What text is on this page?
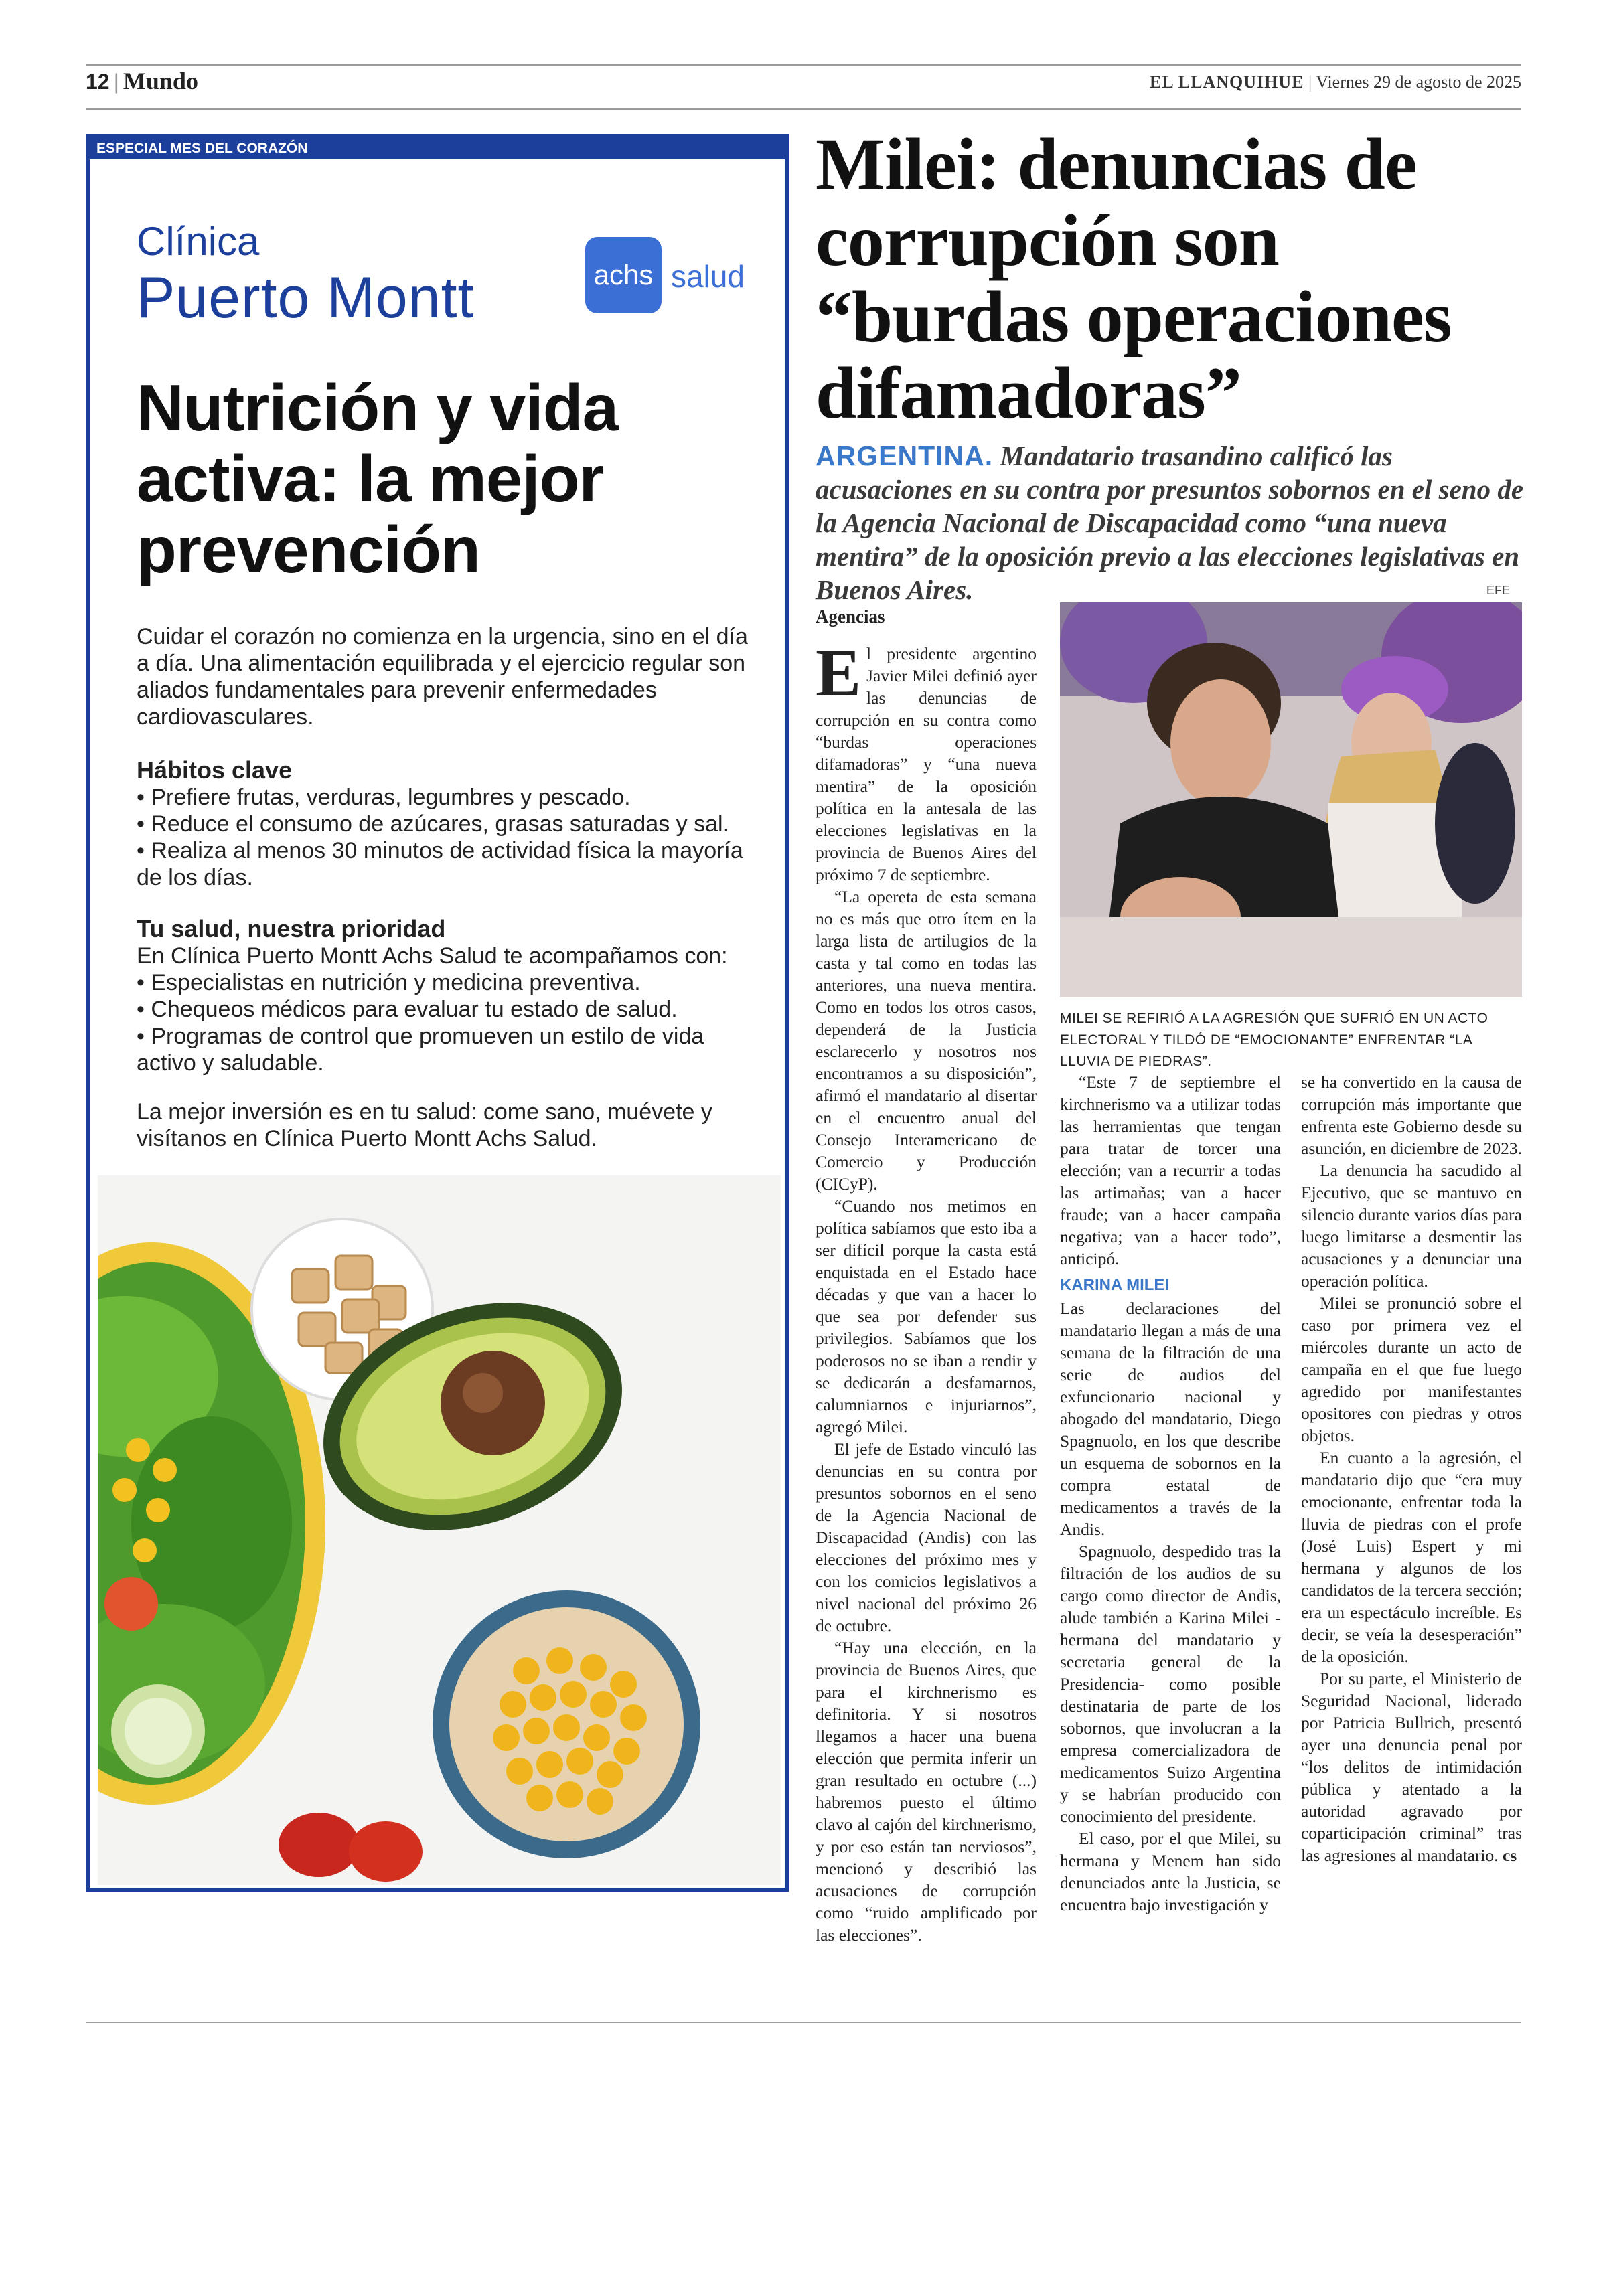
12 | Mundo	EL LLANQUIHUE | Viernes 29 de agosto de 2025
ESPECIAL MES DEL CORAZÓN
Clínica
Puerto Montt	achs salud
Nutrición y vida activa: la mejor prevención

Cuidar el corazón no comienza en la urgencia, sino en el día a día. Una alimentación equilibrada y el ejercicio regular son aliados fundamentales para prevenir enfermedades cardiovasculares.

Hábitos clave
• Prefiere frutas, verduras, legumbres y pescado.
• Reduce el consumo de azúcares, grasas saturadas y sal.
• Realiza al menos 30 minutos de actividad física la mayoría de los días.
Tu salud, nuestra prioridad

En Clínica Puerto Montt Achs Salud te acompañamos con:

• Especialistas en nutrición y medicina preventiva.
• Chequeos médicos para evaluar tu estado de salud.
• Programas de control que promueven un estilo de vida activo y saludable.

La mejor inversión es en tu salud: come sano, muévete y visítanos en Clínica Puerto Montt Achs Salud.

Milei: denuncias de corrupción son “burdas operaciones difamadoras”
ARGENTINA. Mandatario trasandino calificó las acusaciones en su contra por presuntos sobornos en el seno de la Agencia Nacional de Discapacidad como “una nueva mentira” de la oposición previo a las elecciones legislativas en Buenos Aires.
Agencias
EFE
MILEI SE REFIRIÓ A LA AGRESIÓN QUE SUFRIÓ EN UN ACTO ELECTORAL Y TILDÓ DE “EMOCIONANTE” ENFRENTAR “LA LLUVIA DE PIEDRAS”.

El presidente argentino Javier Milei definió ayer las denuncias de corrupción en su contra como “burdas operaciones difamadoras” y “una nueva mentira” de la oposición política en la antesala de las elecciones legislativas en la provincia de Buenos Aires del próximo 7 de septiembre.

“La opereta de esta semana no es más que otro ítem en la larga lista de artilugios de la casta y tal como en todas las anteriores, una nueva mentira. Como en todos los otros casos, dependerá de la Justicia esclarecerlo y nosotros nos encontramos a su disposición”, afirmó el mandatario al disertar en el encuentro anual del Consejo Interamericano de Comercio y Producción (CICyP).

“Cuando nos metimos en política sabíamos que esto iba a ser difícil porque la casta está enquistada en el Estado hace décadas y que van a hacer lo que sea por defender sus privilegios. Sabíamos que los poderosos no se iban a rendir y se dedicarán a desfamarnos, calumniarnos e injuriarnos”, agregó Milei.

El jefe de Estado vinculó las denuncias en su contra por presuntos sobornos en el seno de la Agencia Nacional de Discapacidad (Andis) con las elecciones del próximo mes y con los comicios legislativos a nivel nacional del próximo 26 de octubre.

“Hay una elección, en la provincia de Buenos Aires, que para el kirchnerismo es definitoria. Y si nosotros llegamos a hacer una buena elección que permita inferir un gran resultado en octubre (...) habremos puesto el último clavo al cajón del kirchnerismo, y por eso están tan nerviosos”, mencionó y describió las acusaciones de corrupción como “ruido amplificado por las elecciones”.

“Este 7 de septiembre el kirchnerismo va a utilizar todas las herramientas que tengan para tratar de torcer una elección; van a recurrir a todas las artimañas; van a hacer fraude; van a hacer campaña negativa; van a hacer todo”, anticipó.

KARINA MILEI

Las declaraciones del mandatario llegan a más de una semana de la filtración de una serie de audios del exfuncionario nacional y abogado del mandatario, Diego Spagnuolo, en los que describe un esquema de sobornos en la compra estatal de medicamentos a través de la Andis.

Spagnuolo, despedido tras la filtración de los audios de su cargo como director de Andis, alude también a Karina Milei -hermana del mandatario y secretaria general de la Presidencia- como posible destinataria de parte de los sobornos, que involucran a la empresa comercializadora de medicamentos Suizo Argentina y se habrían producido con conocimiento del presidente.

El caso, por el que Milei, su hermana y Menem han sido denunciados ante la Justicia, se encuentra bajo investigación y

se ha convertido en la causa de corrupción más importante que enfrenta este Gobierno desde su asunción, en diciembre de 2023.

La denuncia ha sacudido al Ejecutivo, que se mantuvo en silencio durante varios días para luego limitarse a desmentir las acusaciones y a denunciar una operación política.

Milei se pronunció sobre el caso por primera vez el miércoles durante un acto de campaña en el que fue luego agredido por manifestantes opositores con piedras y otros objetos.

En cuanto a la agresión, el mandatario dijo que “era muy emocionante, enfrentar toda la lluvia de piedras con el profe (José Luis) Espert y mi hermana y algunos de los candidatos de la tercera sección; era un espectáculo increíble. Es decir, se veía la desesperación” de la oposición.

Por su parte, el Ministerio de Seguridad Nacional, liderado por Patricia Bullrich, presentó ayer una denuncia penal por “los delitos de intimidación pública y atentado a la autoridad agravado por coparticipación criminal” tras las agresiones al mandatario. cs
